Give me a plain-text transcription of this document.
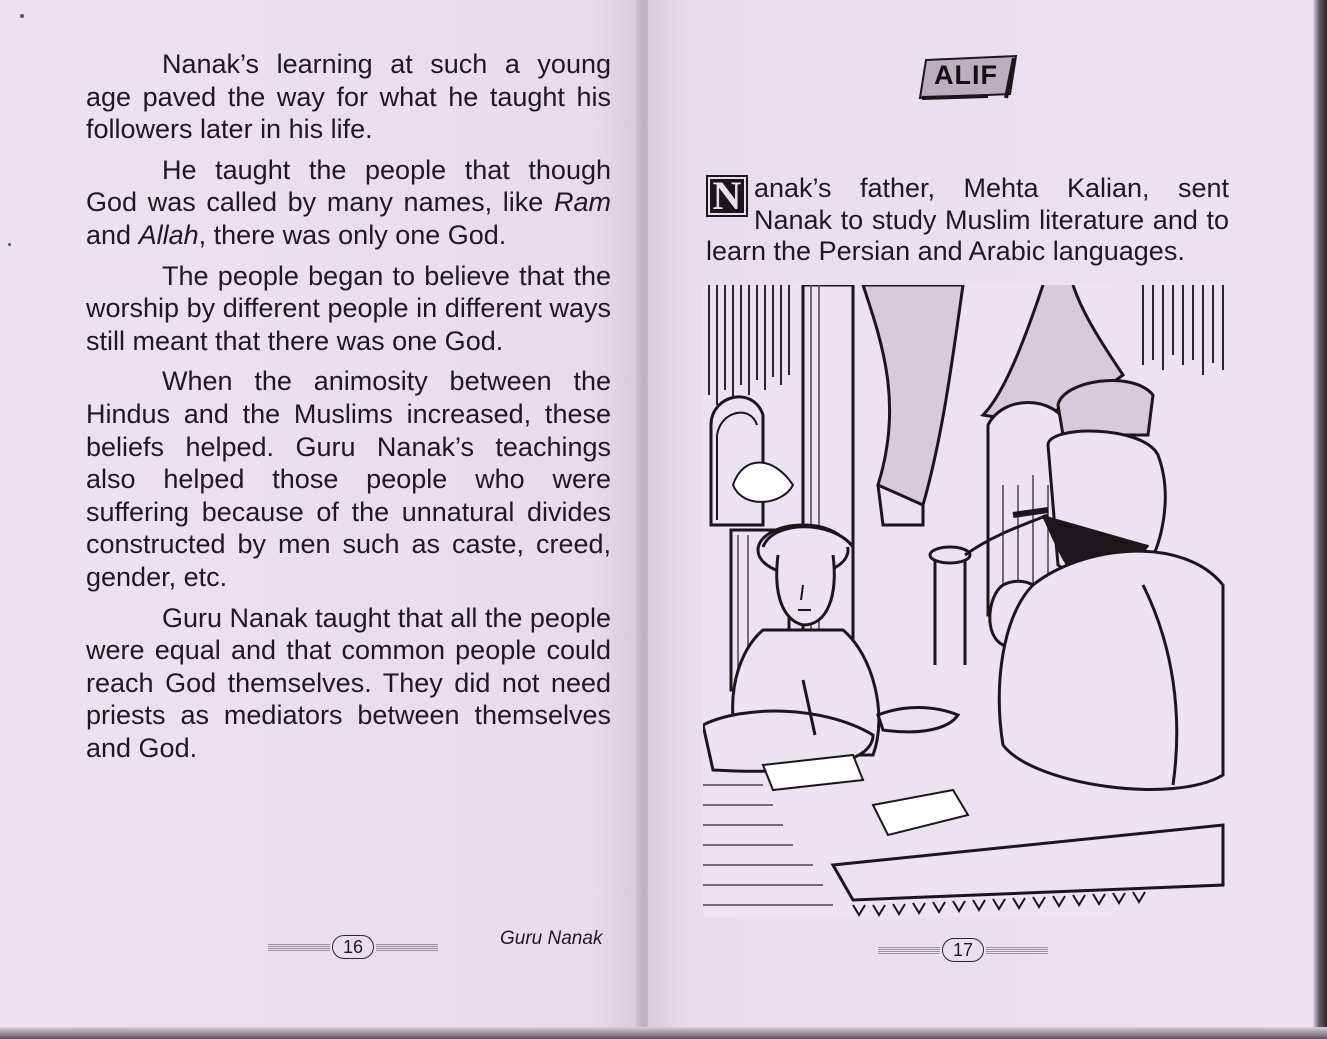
Nanak’s learning at such a young age paved the way for what he taught his followers later in his life.

He taught the people that though God was called by many names, like Ram and Allah, there was only one God.

The people began to believe that the worship by different people in different ways still meant that there was one God.

When the animosity between the Hindus and the Muslims increased, these beliefs helped. Guru Nanak’s teachings also helped those people who were suffering because of the unnatural divides constructed by men such as caste, creed, gender, etc.

Guru Nanak taught that all the people were equal and that common people could reach God themselves. They did not need priests as mediators between themselves and God.

16	Guru Nanak
ALIF
N anak’s father, Mehta Kalian, sent Nanak to study Muslim literature and to learn the Persian and Arabic languages.
17
